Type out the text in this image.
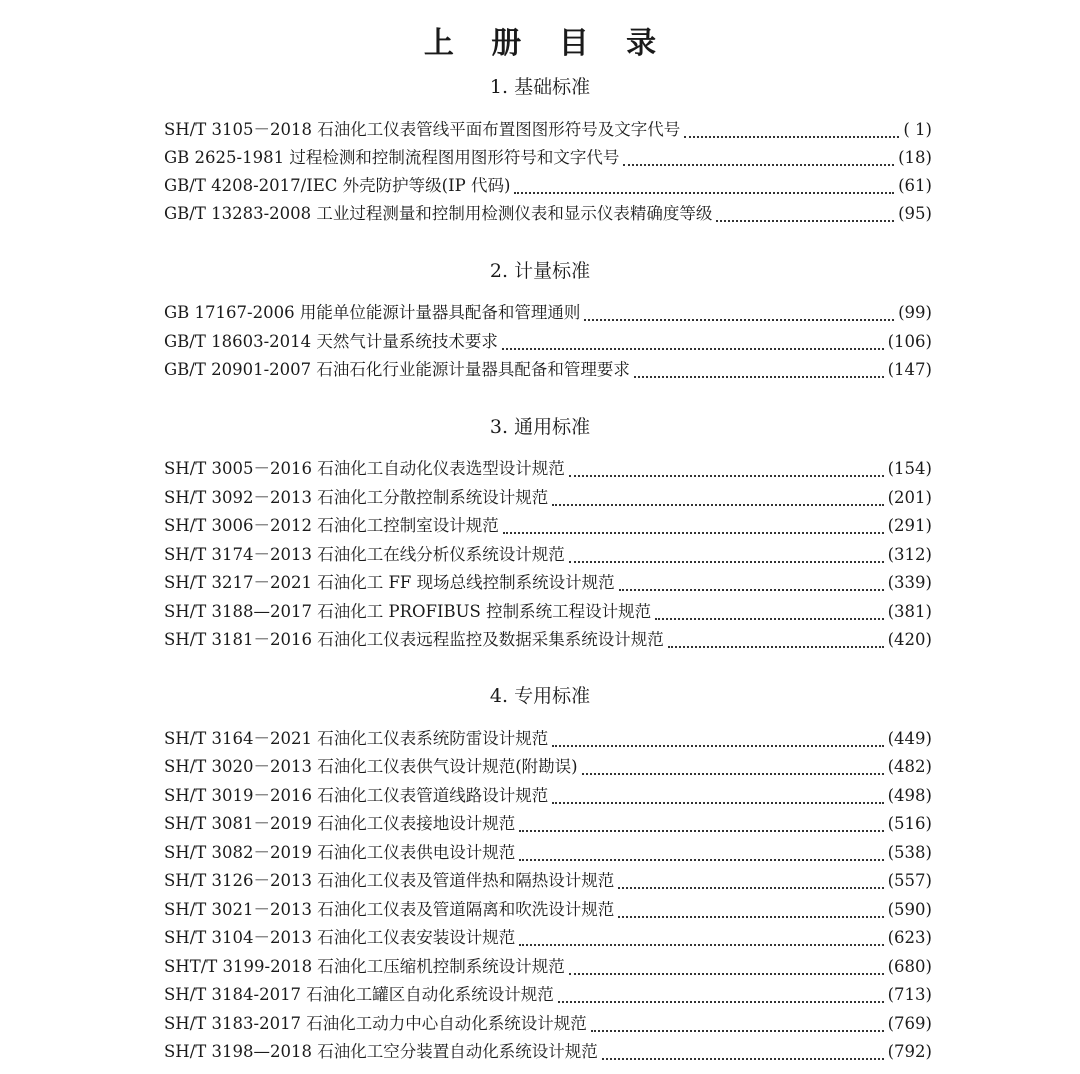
上 册 目 录
1. 基础标准
SH/T 3105－2018 石油化工仪表管线平面布置图图形符号及文字代号	( 1)
GB 2625-1981 过程检测和控制流程图用图形符号和文字代号	(18)
GB/T 4208-2017/IEC 外壳防护等级(IP 代码)	(61)
GB/T 13283-2008 工业过程测量和控制用检测仪表和显示仪表精确度等级	(95)
2. 计量标准
GB 17167-2006 用能单位能源计量器具配备和管理通则	(99)
GB/T 18603-2014 天然气计量系统技术要求	(106)
GB/T 20901-2007 石油石化行业能源计量器具配备和管理要求	(147)
3. 通用标准
SH/T 3005－2016 石油化工自动化仪表选型设计规范	(154)
SH/T 3092－2013 石油化工分散控制系统设计规范	(201)
SH/T 3006－2012 石油化工控制室设计规范	(291)
SH/T 3174－2013 石油化工在线分析仪系统设计规范	(312)
SH/T 3217－2021 石油化工 FF 现场总线控制系统设计规范	(339)
SH/T 3188—2017 石油化工 PROFIBUS 控制系统工程设计规范	(381)
SH/T 3181－2016 石油化工仪表远程监控及数据采集系统设计规范	(420)
4. 专用标准
SH/T 3164－2021 石油化工仪表系统防雷设计规范	(449)
SH/T 3020－2013 石油化工仪表供气设计规范(附勘误)	(482)
SH/T 3019－2016 石油化工仪表管道线路设计规范	(498)
SH/T 3081－2019 石油化工仪表接地设计规范	(516)
SH/T 3082－2019 石油化工仪表供电设计规范	(538)
SH/T 3126－2013 石油化工仪表及管道伴热和隔热设计规范	(557)
SH/T 3021－2013 石油化工仪表及管道隔离和吹洗设计规范	(590)
SH/T 3104－2013 石油化工仪表安装设计规范	(623)
SHT/T 3199-2018 石油化工压缩机控制系统设计规范	(680)
SH/T 3184-2017 石油化工罐区自动化系统设计规范	(713)
SH/T 3183-2017 石油化工动力中心自动化系统设计规范	(769)
SH/T 3198—2018 石油化工空分装置自动化系统设计规范	(792)
